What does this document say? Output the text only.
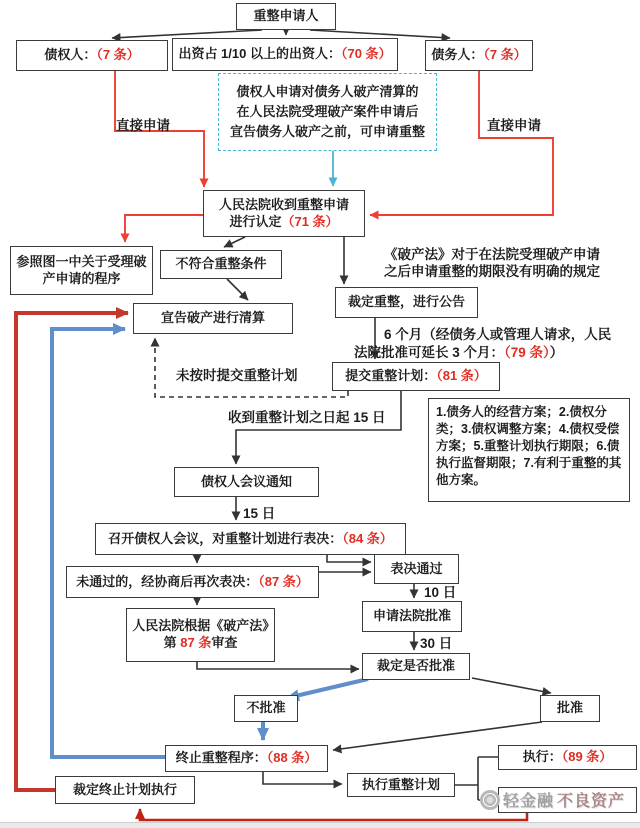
重整申请人
债权人：（7 条）	出资占 1/10 以上的出资人：（70 条）	债务人：（7 条）
债权人申请对债务人破产清算的
在人民法院受理破产案件申请后
宣告债务人破产之前，可申请重整
人民法院收到重整申请
进行认定（71 条）
参照图一中关于受理破产申请的程序
不符合重整条件
裁定重整，进行公告
宣告破产进行清算
提交重整计划：（81 条）
1.债务人的经营方案；2.债权分类；3.债权调整方案；4.债权受偿方案；5.重整计划执行期限；6.债执行监督期限；7.有利于重整的其他方案。
债权人会议通知
召开债权人会议，对重整计划进行表决：（84 条）
表决通过
未通过的，经协商后再次表决：（87 条）
申请法院批准
人民法院根据《破产法》第 87 条审查
裁定是否批准
不批准	批准
终止重整程序：（88 条）
执行重整计划
执行：（89 条）
裁定终止计划执行
直接申请	直接申请
《破产法》对于在法院受理破产申请
之后申请重整的期限没有明确的规定
6 个月（经债务人或管理人请求，人民
法院批准可延长 3 个月：（79 条））
未按时提交重整计划
收到重整计划之日起 15 日
15 日
10 日
30 日
轻金融 不良资产
